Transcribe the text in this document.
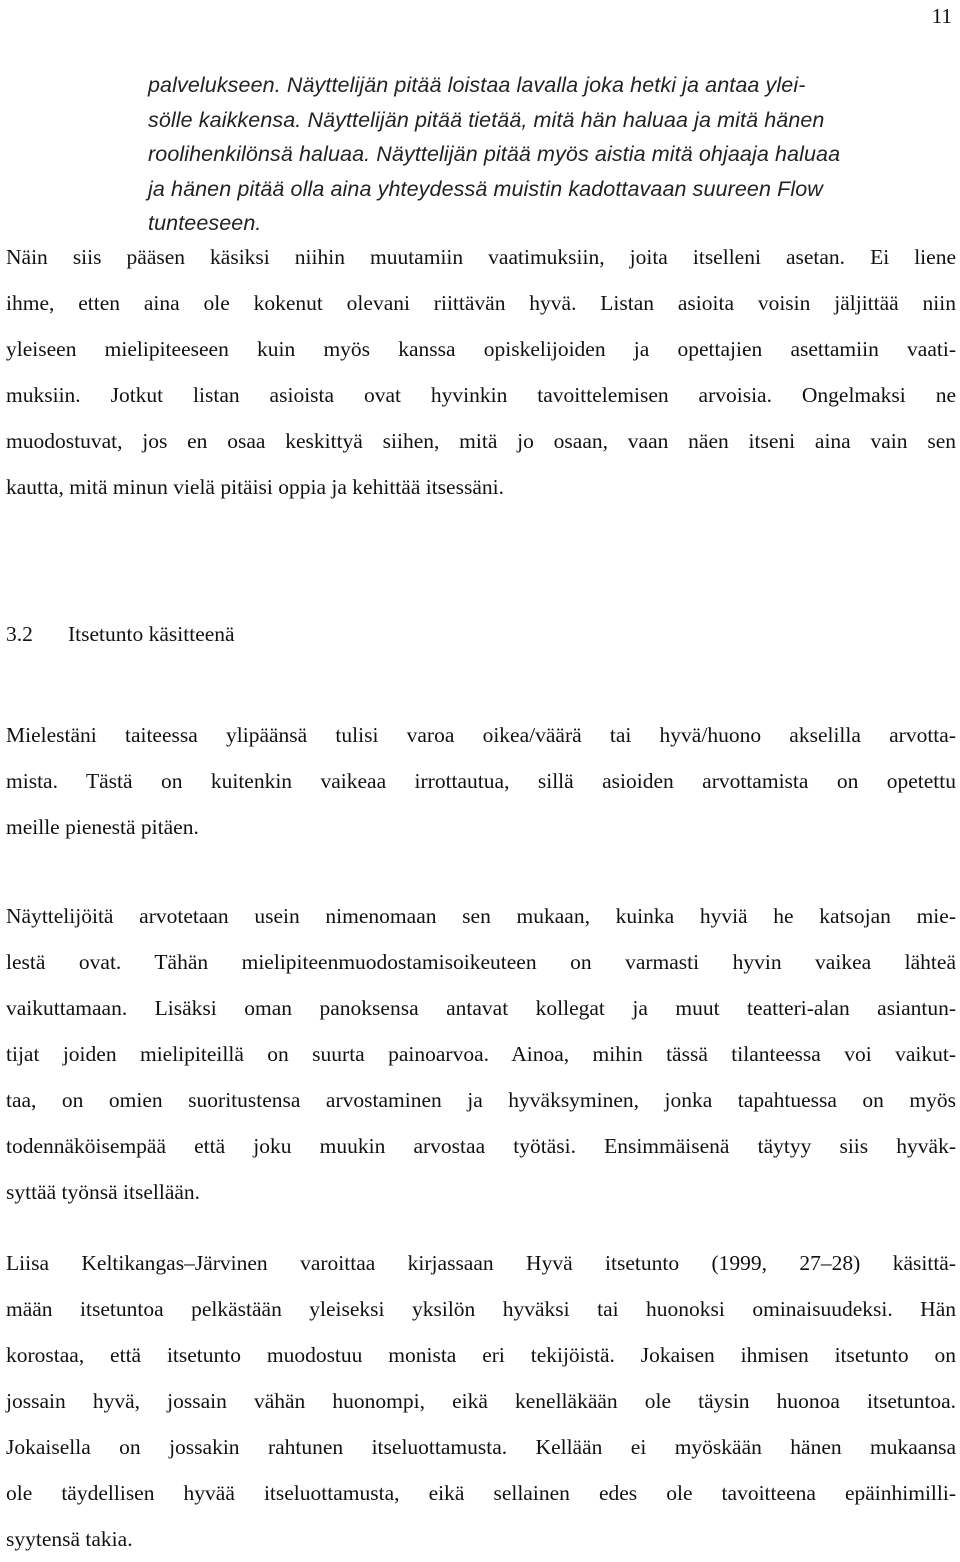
11
palvelukseen. Näyttelijän pitää loistaa lavalla joka hetki ja antaa ylei-
sölle kaikkensa. Näyttelijän pitää tietää, mitä hän haluaa ja mitä hänen
roolihenkilönsä haluaa. Näyttelijän pitää myös aistia mitä ohjaaja haluaa
ja hänen pitää olla aina yhteydessä muistin kadottavaan suureen Flow
tunteeseen.
Näin siis pääsen käsiksi niihin muutamiin vaatimuksiin, joita itselleni asetan. Ei liene
ihme, etten aina ole kokenut olevani riittävän hyvä. Listan asioita voisin jäljittää niin
yleiseen mielipiteeseen kuin myös kanssa opiskelijoiden ja opettajien asettamiin vaati-
muksiin. Jotkut listan asioista ovat hyvinkin tavoittelemisen arvoisia. Ongelmaksi ne
muodostuvat, jos en osaa keskittyä siihen, mitä jo osaan, vaan näen itseni aina vain sen
kautta, mitä minun vielä pitäisi oppia ja kehittää itsessäni.
3.2 Itsetunto käsitteenä
Mielestäni taiteessa ylipäänsä tulisi varoa oikea/väärä tai hyvä/huono akselilla arvotta-
mista. Tästä on kuitenkin vaikeaa irrottautua, sillä asioiden arvottamista on opetettu
meille pienestä pitäen.
Näyttelijöitä arvotetaan usein nimenomaan sen mukaan, kuinka hyviä he katsojan mie-
lestä ovat. Tähän mielipiteenmuodostamisoikeuteen on varmasti hyvin vaikea lähteä
vaikuttamaan. Lisäksi oman panoksensa antavat kollegat ja muut teatteri-alan asiantun-
tijat joiden mielipiteillä on suurta painoarvoa. Ainoa, mihin tässä tilanteessa voi vaikut-
taa, on omien suoritustensa arvostaminen ja hyväksyminen, jonka tapahtuessa on myös
todennäköisempää että joku muukin arvostaa työtäsi. Ensimmäisenä täytyy siis hyväk-
syttää työnsä itsellään.
Liisa Keltikangas–Järvinen varoittaa kirjassaan Hyvä itsetunto (1999, 27–28) käsittä-
mään itsetuntoa pelkästään yleiseksi yksilön hyväksi tai huonoksi ominaisuudeksi. Hän
korostaa, että itsetunto muodostuu monista eri tekijöistä. Jokaisen ihmisen itsetunto on
jossain hyvä, jossain vähän huonompi, eikä kenelläkään ole täysin huonoa itsetuntoa.
Jokaisella on jossakin rahtunen itseluottamusta. Kellään ei myöskään hänen mukaansa
ole täydellisen hyvää itseluottamusta, eikä sellainen edes ole tavoitteena epäinhimilli-
syytensä takia.
